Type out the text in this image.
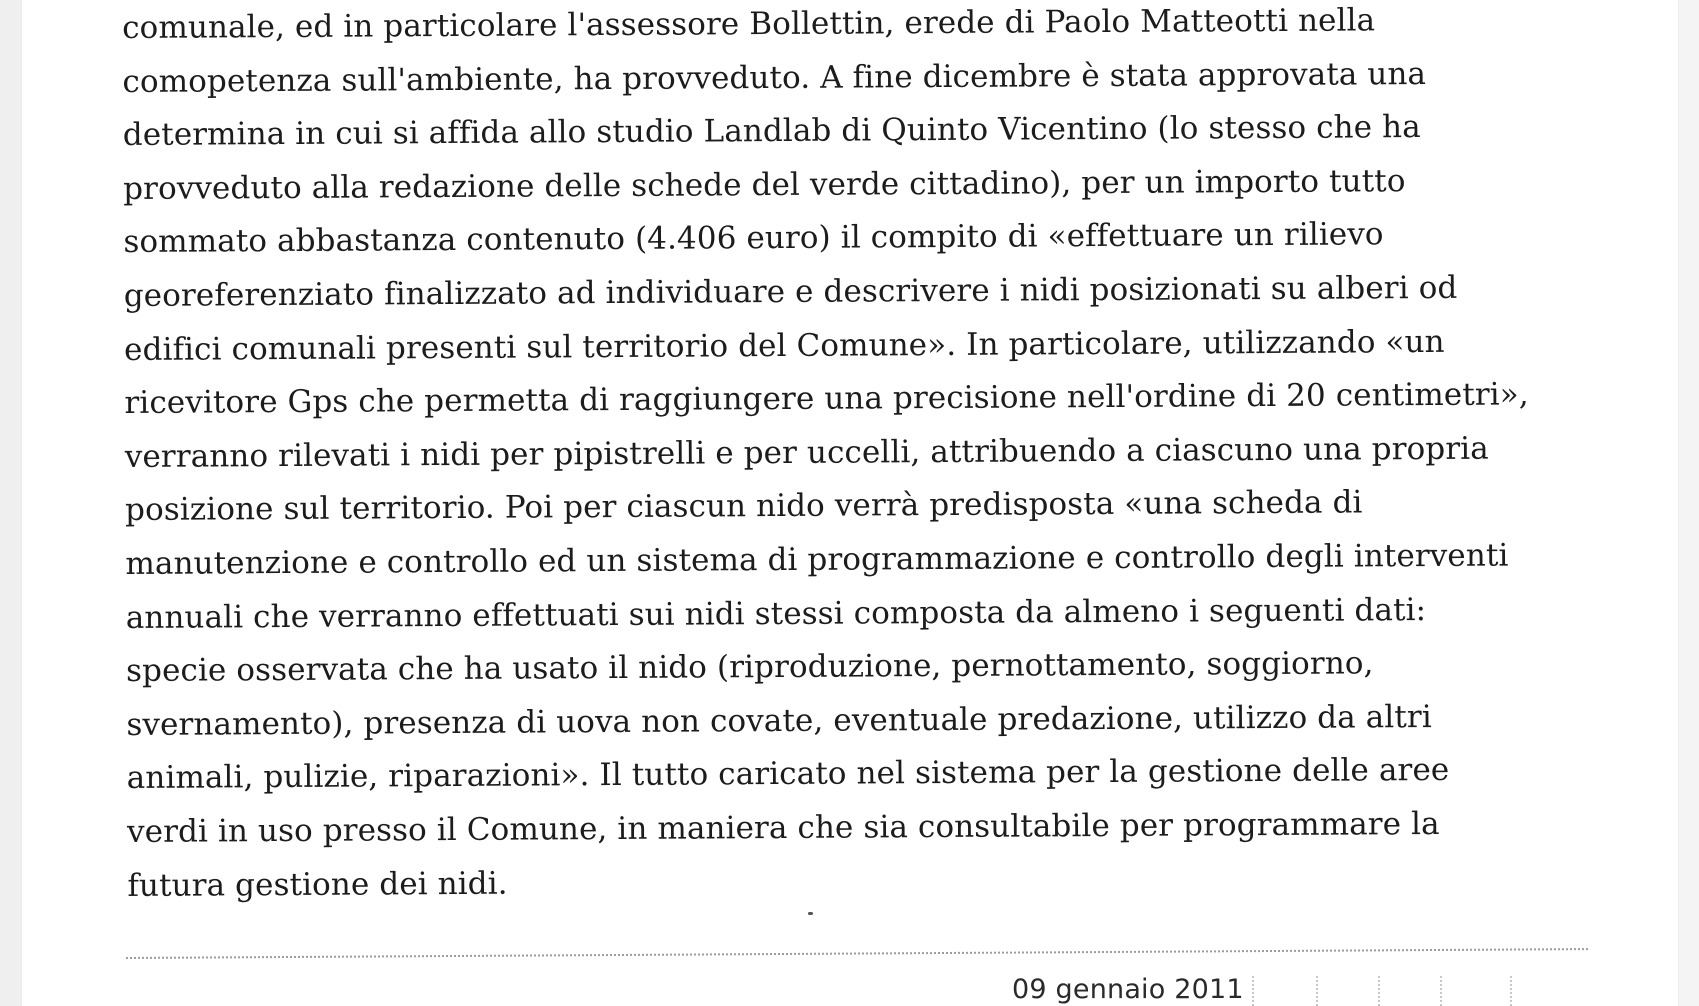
comunale, ed in particolare l'assessore Bollettin, erede di Paolo Matteotti nella
comopetenza sull'ambiente, ha provveduto. A fine dicembre è stata approvata una
determina in cui si affida allo studio Landlab di Quinto Vicentino (lo stesso che ha
provveduto alla redazione delle schede del verde cittadino), per un importo tutto
sommato abbastanza contenuto (4.406 euro) il compito di «effettuare un rilievo
georeferenziato finalizzato ad individuare e descrivere i nidi posizionati su alberi od
edifici comunali presenti sul territorio del Comune». In particolare, utilizzando «un
ricevitore Gps che permetta di raggiungere una precisione nell'ordine di 20 centimetri»,
verranno rilevati i nidi per pipistrelli e per uccelli, attribuendo a ciascuno una propria
posizione sul territorio. Poi per ciascun nido verrà predisposta «una scheda di
manutenzione e controllo ed un sistema di programmazione e controllo degli interventi
annuali che verranno effettuati sui nidi stessi composta da almeno i seguenti dati:
specie osservata che ha usato il nido (riproduzione, pernottamento, soggiorno,
svernamento), presenza di uova non covate, eventuale predazione, utilizzo da altri
animali, pulizie, riparazioni». Il tutto caricato nel sistema per la gestione delle aree
verdi in uso presso il Comune, in maniera che sia consultabile per programmare la
futura gestione dei nidi.
09 gennaio 2011
